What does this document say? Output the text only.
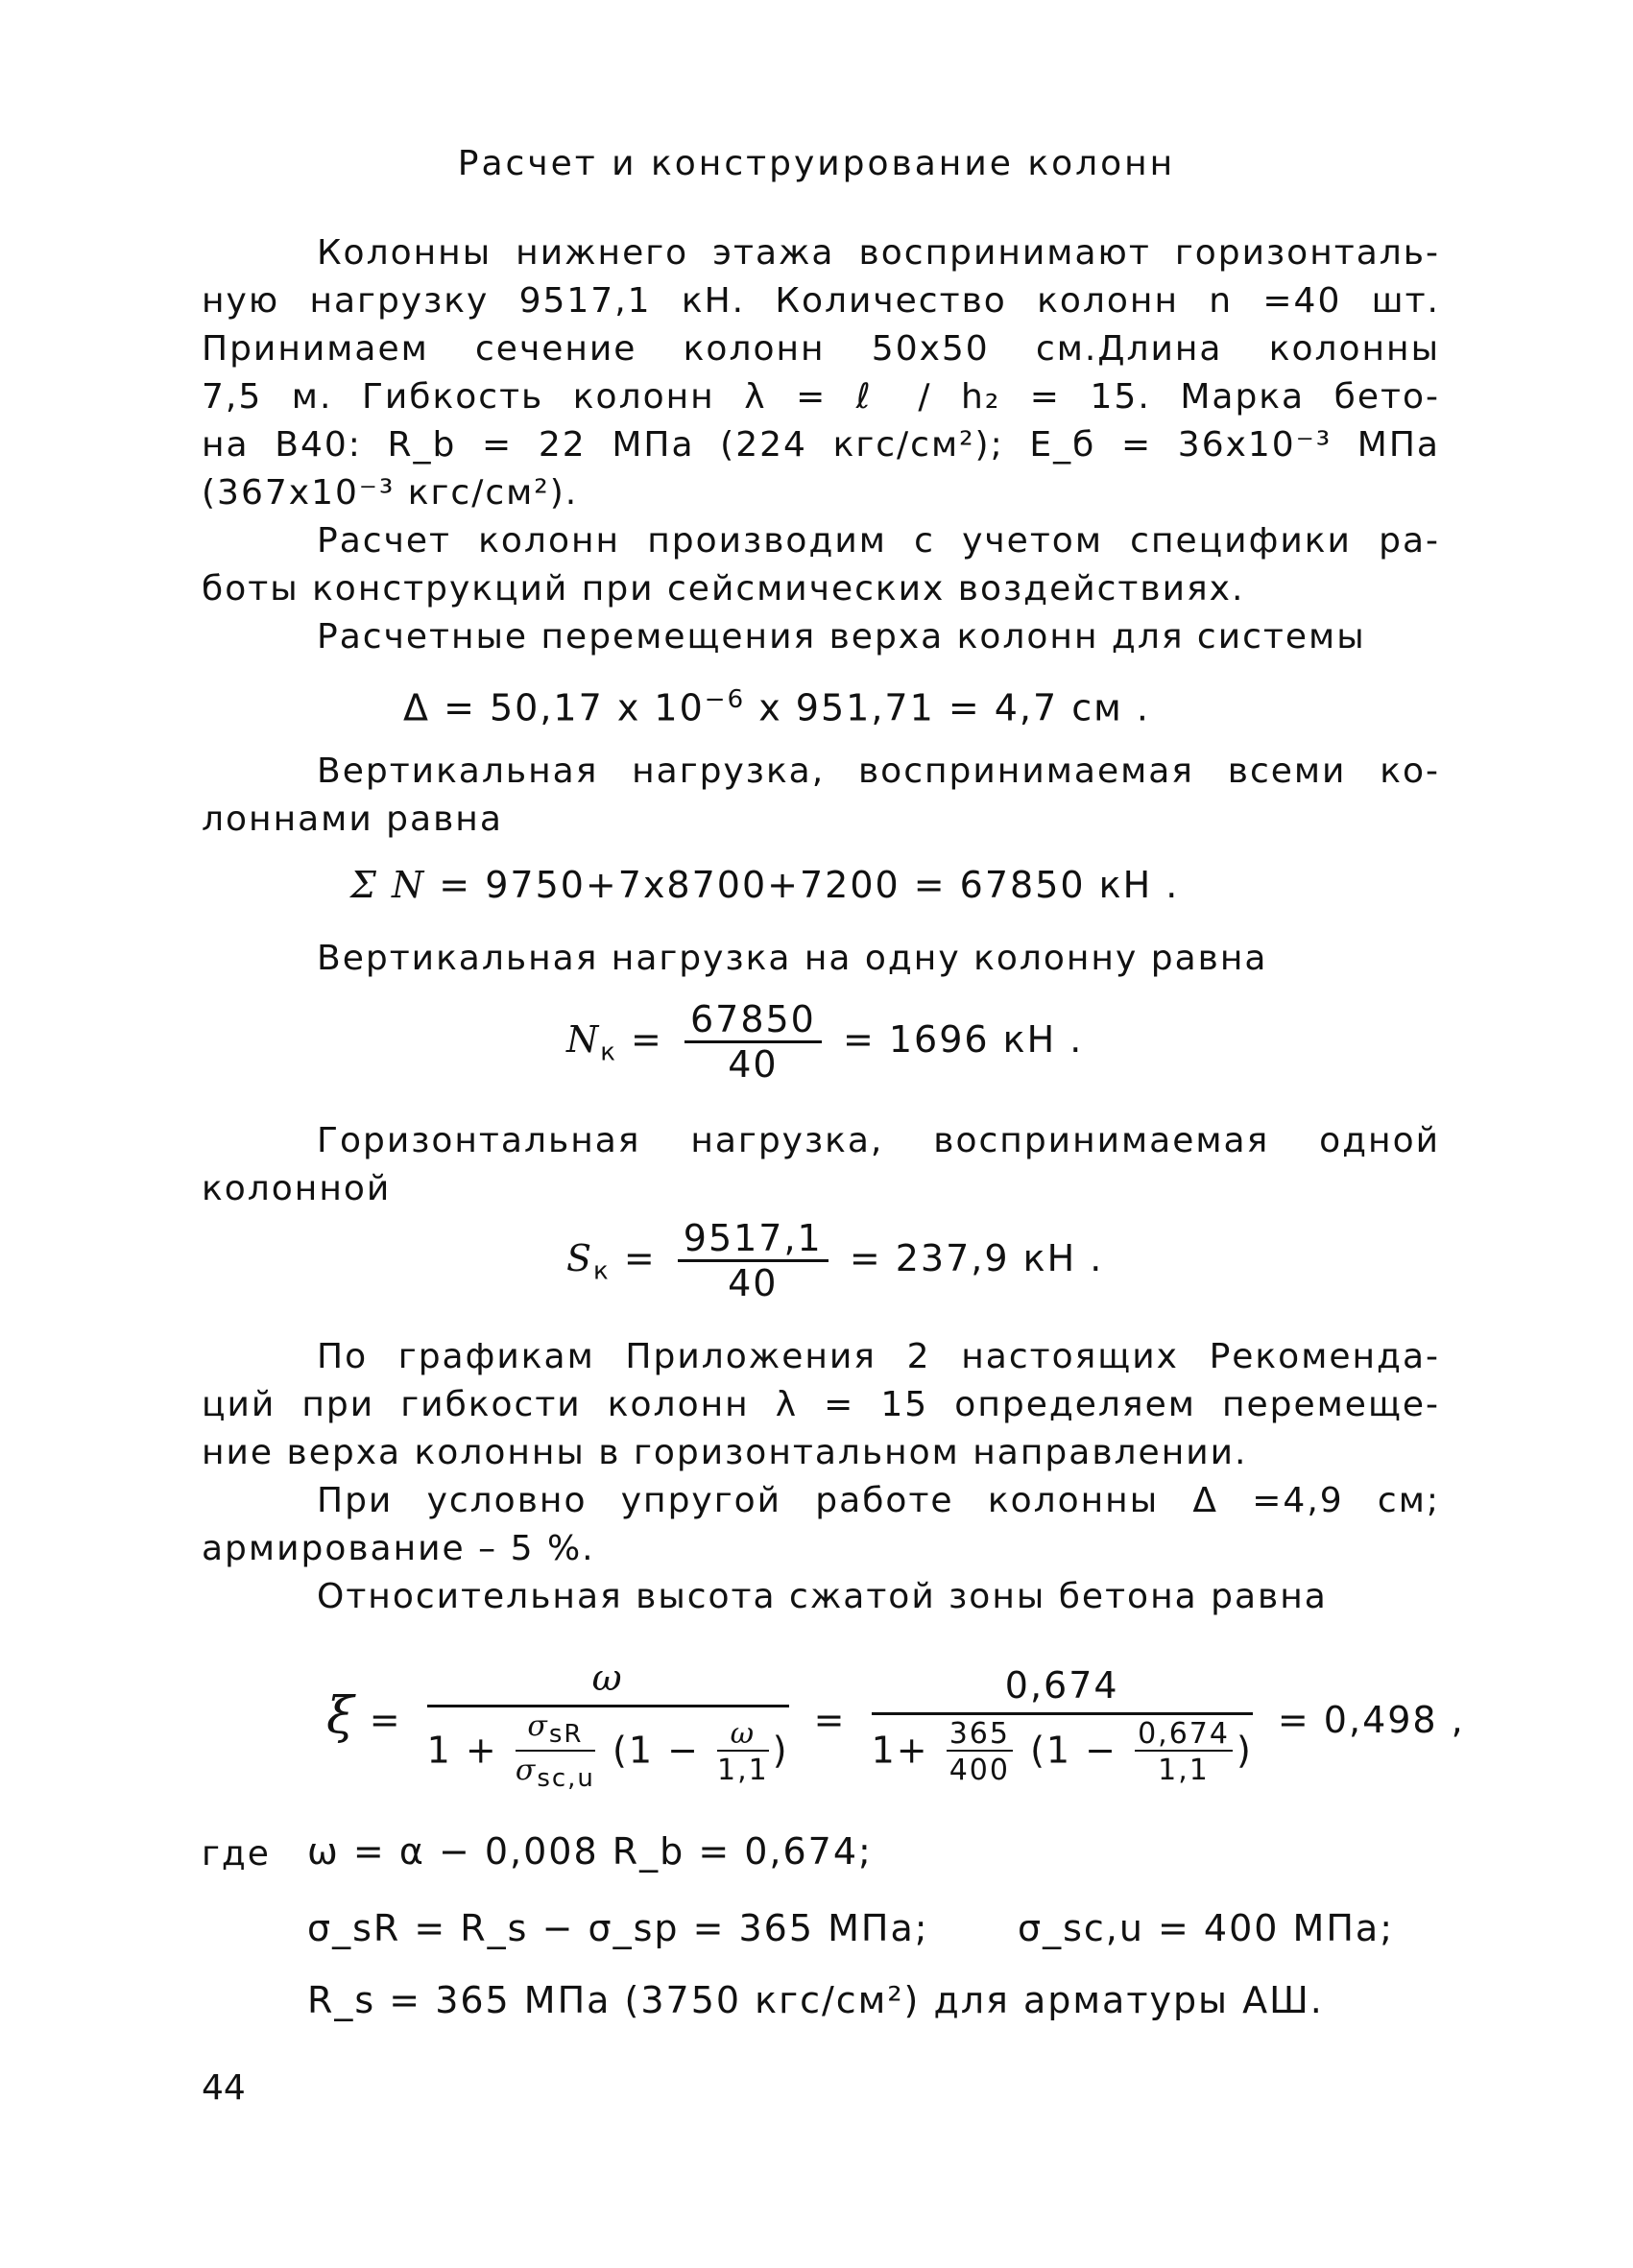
Расчет и конструирование колонн
Колонны нижнего этажа воспринимают горизонталь-
ную нагрузку 9517,1 кН. Количество колонн n =40 шт.
Принимаем сечение колонн 50х50 см.Длина колонны
7,5 м. Гибкость колонн λ = ℓ / h₂ = 15. Марка бето-
на В40: R_b = 22 МПа (224 кгс/см²); E_б = 36x10⁻³ МПа
(367x10⁻³ кгс/см²).
Расчет колонн производим с учетом специфики ра-
боты конструкций при сейсмических воздействиях.
Расчетные перемещения верха колонн для системы
Δ = 50,17 x $10^{-6}$ x 951,71 = 4,7 см .
Вертикальная нагрузка, воспринимаемая всеми ко-
лоннами равна
Σ N = 9750+7x8700+7200 = 67850 кН .
Вертикальная нагрузка на одну колонну равна
$N_к = \frac{67850}{40} = 1696$ кН .
Горизонтальная нагрузка, воспринимаемая одной
колонной
$S_к = \frac{9517,1}{40} = 237,9$ кН .
По графикам Приложения 2 настоящих Рекоменда-
ций при гибкости колонн λ = 15 определяем перемеще-
ние верха колонны в горизонтальном направлении.
При условно упругой работе колонны Δ =4,9 см;
армирование – 5 %.
Относительная высота сжатой зоны бетона равна
ξ =
ω
1 +
$\sigma_{sR}$
$\sigma_{sc,u}$
($1 - \frac{\omega}{1,1}$ )
=
0,674
$1+ \frac{365}{400} (1 - \frac{0,674}{1,1}$ )
= 0,498 ,
где	ω = α − 0,008 R_b = 0,674;
σ_sR = R_s − σ_sp = 365 МПа; σ_sc,u = 400 МПа;
R_s = 365 МПа (3750 кгс/см²) для арматуры АШ.
44
